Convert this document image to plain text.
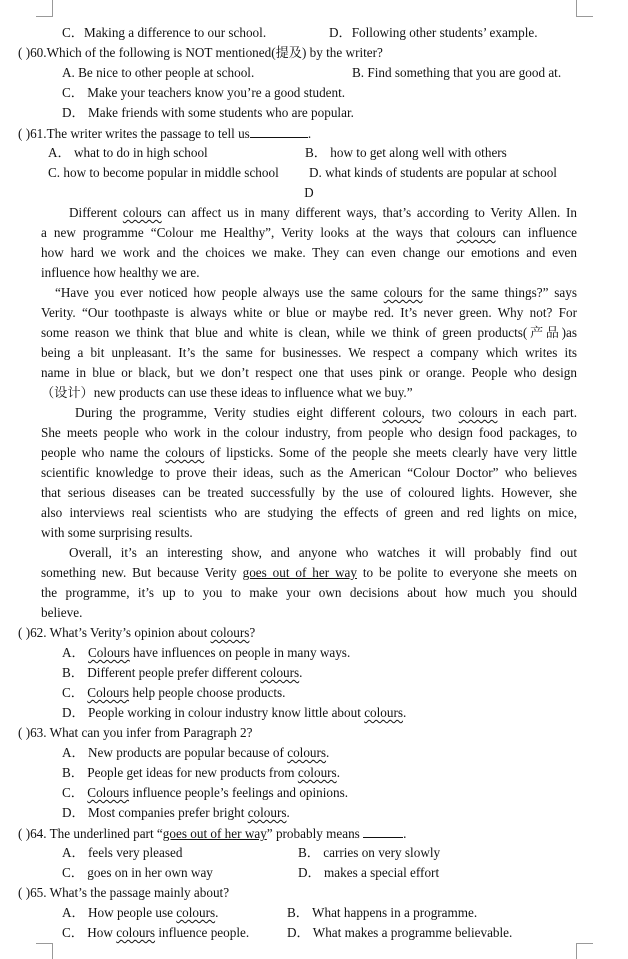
C．Making a difference to our school.	D．Following other students’ example.
( )60.Which of the following is NOT mentioned(提及) by the writer?
A. Be nice to other people at school.	B. Find something that you are good at.
C． Make your teachers know you’re a good student.
D． Make friends with some students who are popular.
( )61.The writer writes the passage to tell us	.
A． what to do in high school	B． how to get along well with others
C. how to become popular in middle school D. what kinds of students are popular at school
D
Different colours can affect us in many different ways, that’s according to Verity Allen. In
a new programme “Colour me Healthy”, Verity looks at the ways that colours can influence
how hard we work and the choices we make. They can even change our emotions and even
influence how healthy we are.
“Have you ever noticed how people always use the same colours for the same things?” says
Verity. “Our toothpaste is always white or blue or maybe red. It’s never green. Why not? For
some reason we think that blue and white is clean, while we think of green products(产品)as
being a bit unpleasant. It’s the same for businesses. We respect a company which writes its
name in blue or black, but we don’t respect one that uses pink or orange. People who design
（设计）new products can use these ideas to influence what we buy.”
During the programme, Verity studies eight different colours, two colours in each part.
She meets people who work in the colour industry, from people who design food packages, to
people who name the colours of lipsticks. Some of the people she meets clearly have very little
scientific knowledge to prove their ideas, such as the American “Colour Doctor” who believes
that serious diseases can be treated successfully by the use of coloured lights. However, she
also interviews real scientists who are studying the effects of green and red lights on mice,
with some surprising results.
Overall, it’s an interesting show, and anyone who watches it will probably find out
something new. But because Verity goes out of her way to be polite to everyone she meets on
the programme, it’s up to you to make your own decisions about how much you should
believe.
( )62. What’s Verity’s opinion about colours?
A． Colours have influences on people in many ways.
B． Different people prefer different colours.
C． Colours help people choose products.
D． People working in colour industry know little about colours.
( )63. What can you infer from Paragraph 2?
A． New products are popular because of colours.
B． People get ideas for new products from colours.
C． Colours influence people’s feelings and opinions.
D． Most companies prefer bright colours.
( )64. The underlined part “goes out of her way” probably means	.
A． feels very pleased	B． carries on very slowly
C． goes on in her own way	D． makes a special effort
( )65. What’s the passage mainly about?
A． How people use colours.	B． What happens in a programme.
C． How colours influence people.	D． What makes a programme believable.
